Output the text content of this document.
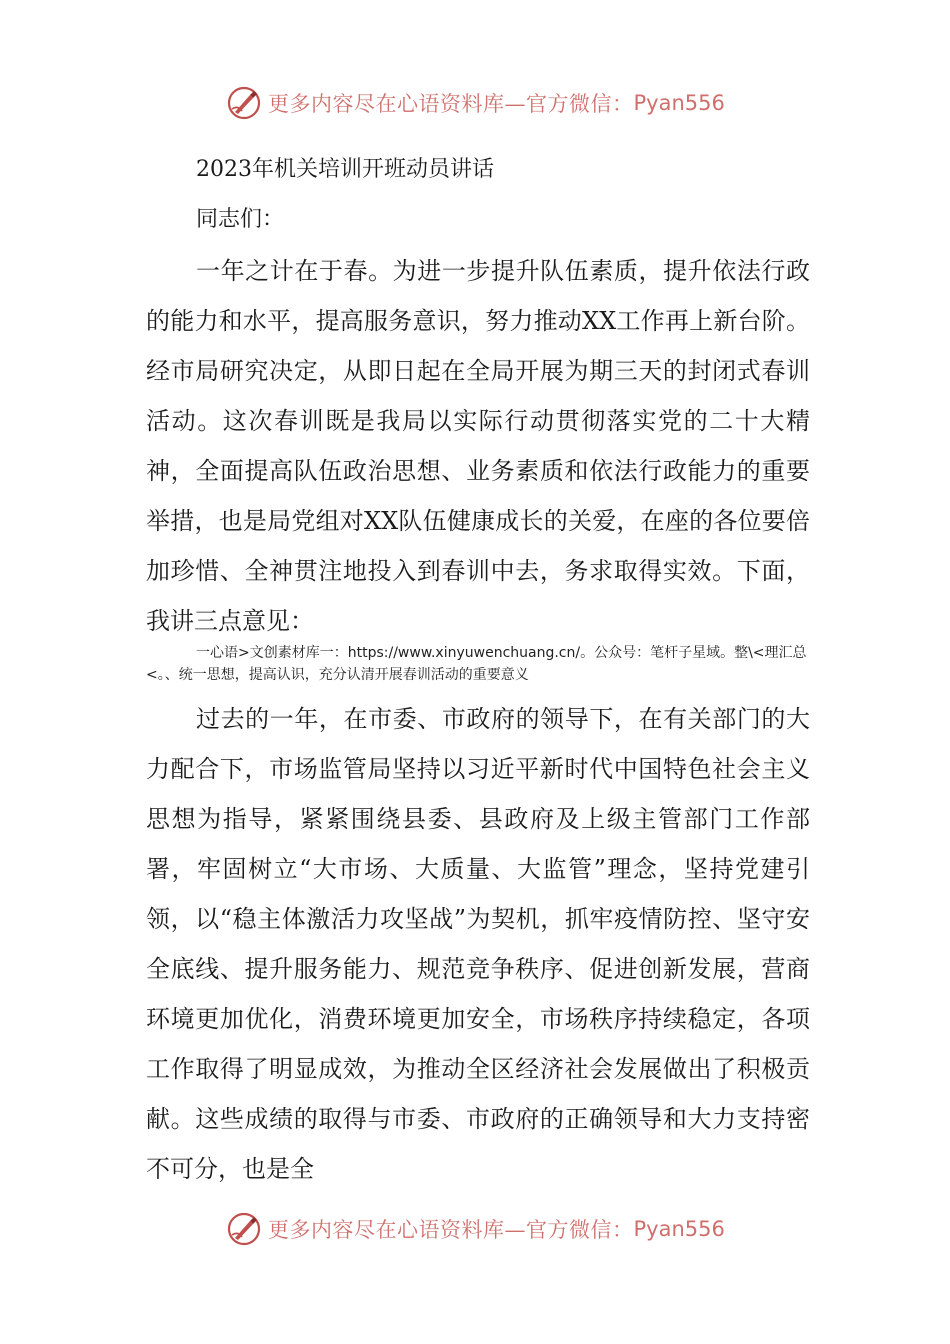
更多内容尽在心语资料库—官方微信： Pyan556
2023年机关培训开班动员讲话
同志们：

一年之计在于春。为进一步提升队伍素质，提升依法行政的能力和水平，提高服务意识，努力推动XX工作再上新台阶。经市局研究决定，从即日起在全局开展为期三天的封闭式春训活动。这次春训既是我局以实际行动贯彻落实党的二十大精神，全面提高队伍政治思想、业务素质和依法行政能力的重要举措，也是局党组对XX队伍健康成长的关爱，在座的各位要倍加珍惜、全神贯注地投入到春训中去，务求取得实效。下面，我讲三点意见：

一心语>文创素材库一：https://www.xinyuwenchuang.cn/。公众号：笔杆子星域。整\<理汇总<。、统一思想，提高认识，充分认清开展春训活动的重要意义

过去的一年，在市委、市政府的领导下，在有关部门的大力配合下，市场监管局坚持以习近平新时代中国特色社会主义思想为指导，紧紧围绕县委、县政府及上级主管部门工作部署，牢固树立“大市场、大质量、大监管”理念，坚持党建引领，以“稳主体激活力攻坚战”为契机，抓牢疫情防控、坚守安全底线、提升服务能力、规范竞争秩序、促进创新发展，营商环境更加优化，消费环境更加安全，市场秩序持续稳定，各项工作取得了明显成效，为推动全区经济社会发展做出了积极贡献。这些成绩的取得与市委、市政府的正确领导和大力支持密不可分，也是全

更多内容尽在心语资料库—官方微信： Pyan556
